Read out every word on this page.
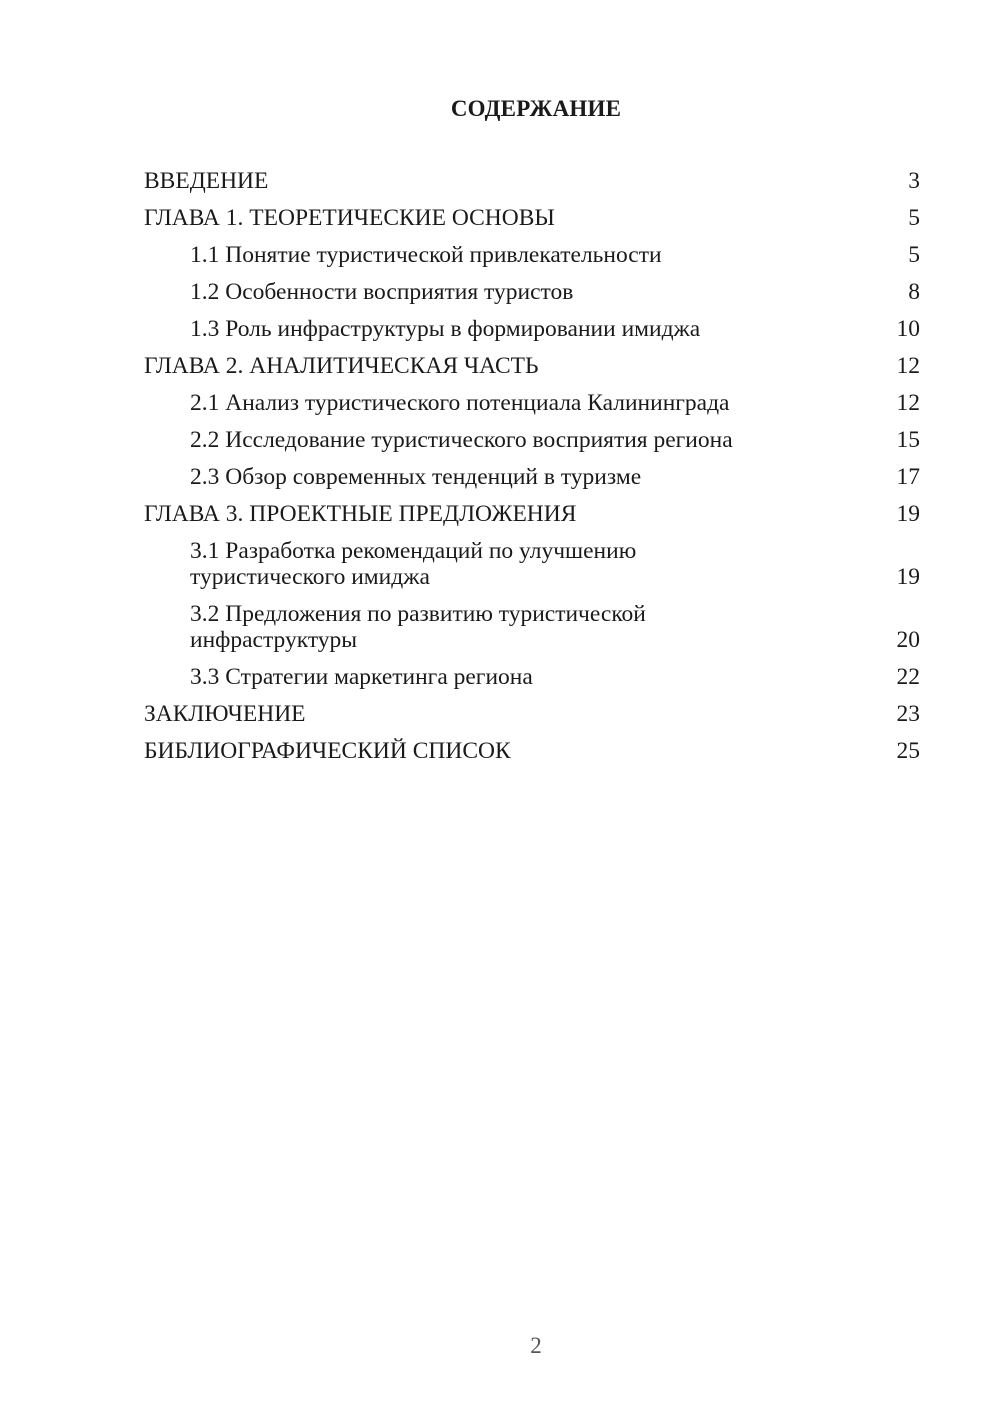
СОДЕРЖАНИЕ
ВВЕДЕНИЕ	3
ГЛАВА 1. ТЕОРЕТИЧЕСКИЕ ОСНОВЫ	5
1.1 Понятие туристической привлекательности	5
1.2 Особенности восприятия туристов	8
1.3 Роль инфраструктуры в формировании имиджа	10
ГЛАВА 2. АНАЛИТИЧЕСКАЯ ЧАСТЬ	12
2.1 Анализ туристического потенциала Калининграда	12
2.2 Исследование туристического восприятия региона	15
2.3 Обзор современных тенденций в туризме	17
ГЛАВА 3. ПРОЕКТНЫЕ ПРЕДЛОЖЕНИЯ	19
3.1 Разработка рекомендаций по улучшению туристического имиджа	19
3.2 Предложения по развитию туристической инфраструктуры	20
3.3 Стратегии маркетинга региона	22
ЗАКЛЮЧЕНИЕ	23
БИБЛИОГРАФИЧЕСКИЙ СПИСОК	25
2
